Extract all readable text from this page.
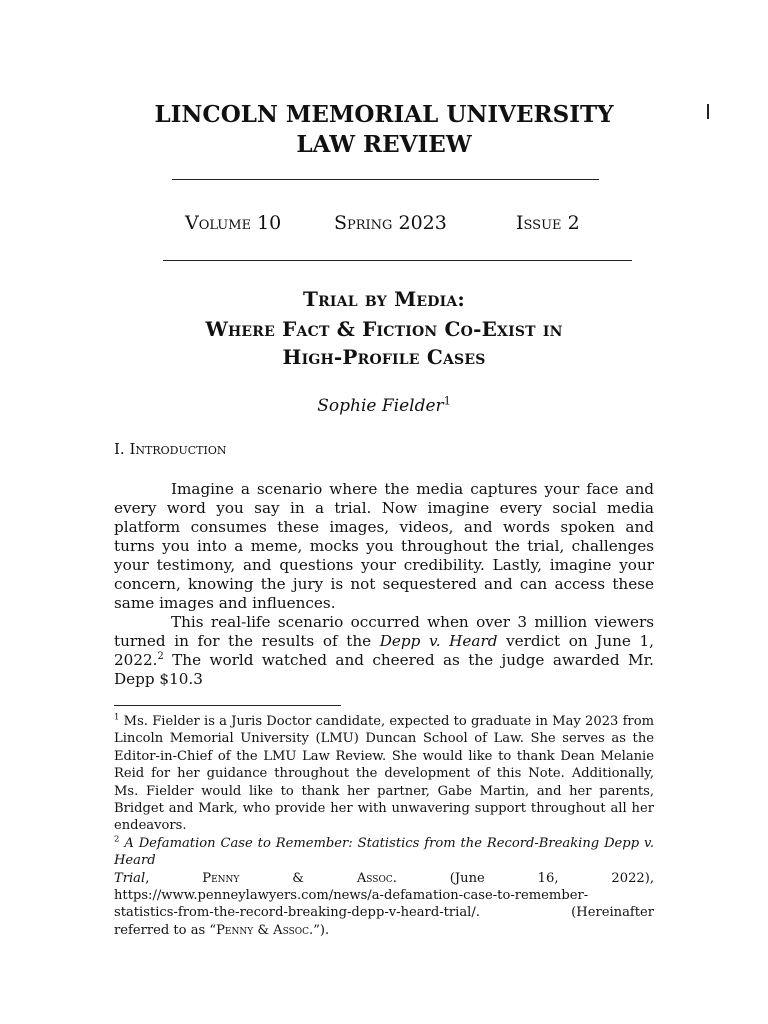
LINCOLN MEMORIAL UNIVERSITY
LAW REVIEW
Volume 10	Spring 2023	Issue 2
Trial by Media:
Where Fact & Fiction Co-Exist in
High-Profile Cases
Sophie Fielder$^1$
I. Introduction
Imagine a scenario where the media captures your face and every word you say in a trial. Now imagine every social media platform consumes these images, videos, and words spoken and turns you into a meme, mocks you throughout the trial, challenges your testimony, and questions your credibility. Lastly, imagine your concern, knowing the jury is not sequestered and can access these same images and influences.
This real-life scenario occurred when over 3 million viewers turned in for the results of the Depp v. Heard verdict on June 1, 2022.$^2$ The world watched and cheered as the judge awarded Mr. Depp $10.3
$^1$ Ms. Fielder is a Juris Doctor candidate, expected to graduate in May 2023 from Lincoln Memorial University (LMU) Duncan School of Law. She serves as the Editor-in-Chief of the LMU Law Review. She would like to thank Dean Melanie Reid for her guidance throughout the development of this Note. Additionally, Ms. Fielder would like to thank her partner, Gabe Martin, and her parents, Bridget and Mark, who provide her with unwavering support throughout all her endeavors.
$^2$ A Defamation Case to Remember: Statistics from the Record-Breaking Depp v. Heard
Trial,	Penny	&	Assoc.	(June	16,	2022),
https://www.penneylawyers.com/news/a-defamation-case-to-remember-
statistics-from-the-record-breaking-depp-v-heard-trial/.	(Hereinafter
referred to as “Penny & Assoc.”).
